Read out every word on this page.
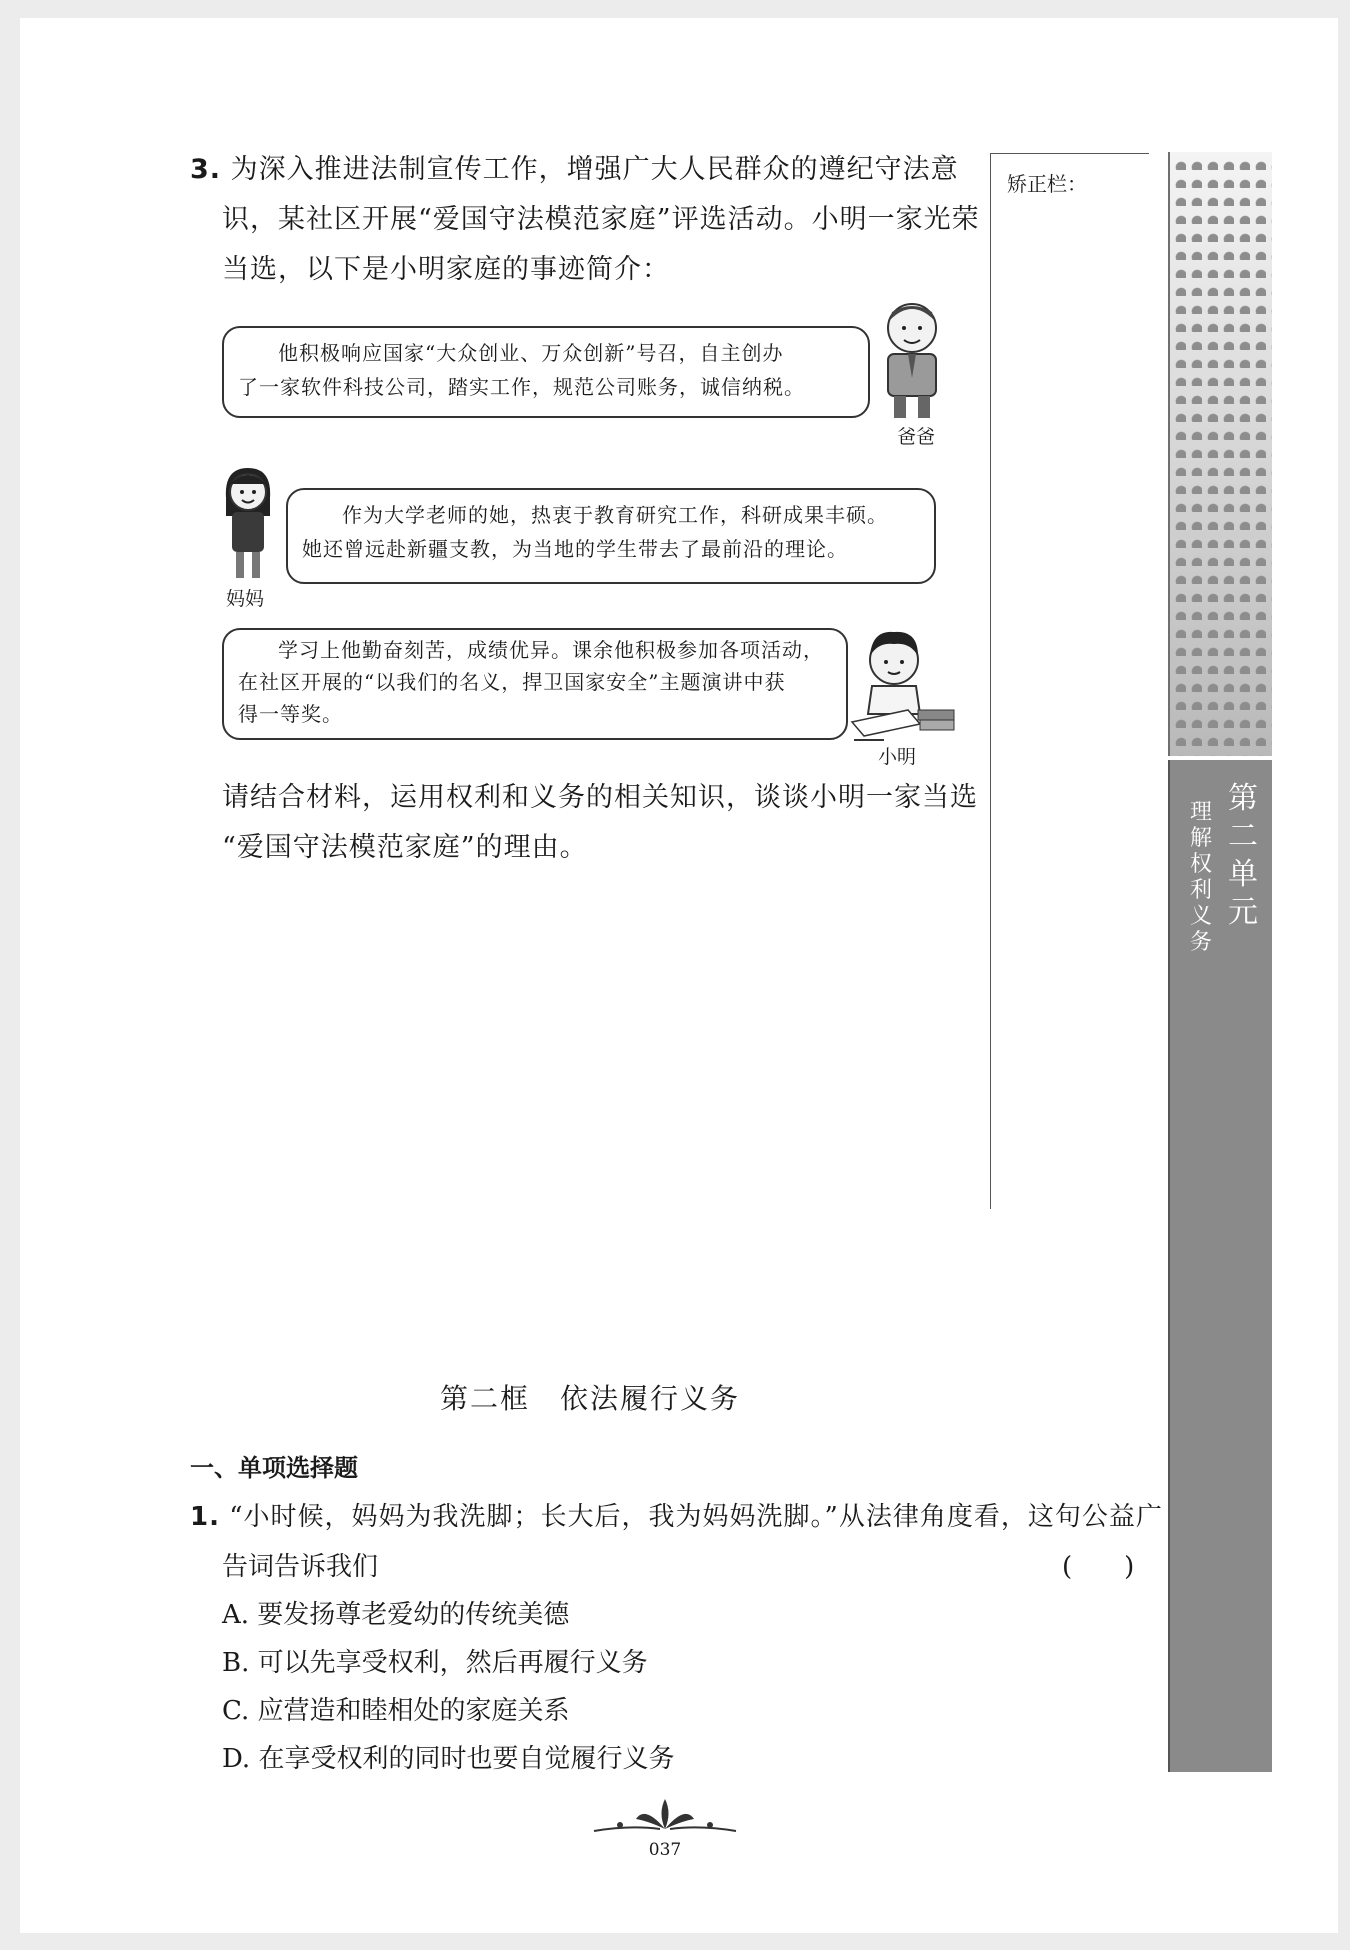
3. 为深入推进法制宣传工作，增强广大人民群众的遵纪守法意
识，某社区开展“爱国守法模范家庭”评选活动。小明一家光荣
当选，以下是小明家庭的事迹简介：
他积极响应国家“大众创业、万众创新”号召，自主创办
了一家软件科技公司，踏实工作，规范公司账务，诚信纳税。
爸爸
妈妈
作为大学老师的她，热衷于教育研究工作，科研成果丰硕。
她还曾远赴新疆支教，为当地的学生带去了最前沿的理论。
学习上他勤奋刻苦，成绩优异。课余他积极参加各项活动，
在社区开展的“以我们的名义，捍卫国家安全”主题演讲中获
得一等奖。
小明
请结合材料，运用权利和义务的相关知识，谈谈小明一家当选
“爱国守法模范家庭”的理由。
矫正栏：
第二单元
理解权利义务
第二框　依法履行义务
一、单项选择题
1. “小时候，妈妈为我洗脚；长大后，我为妈妈洗脚。”从法律角度看，这句公益广
告词告诉我们	(　　)
A. 要发扬尊老爱幼的传统美德
B. 可以先享受权利，然后再履行义务
C. 应营造和睦相处的家庭关系
D. 在享受权利的同时也要自觉履行义务
037
